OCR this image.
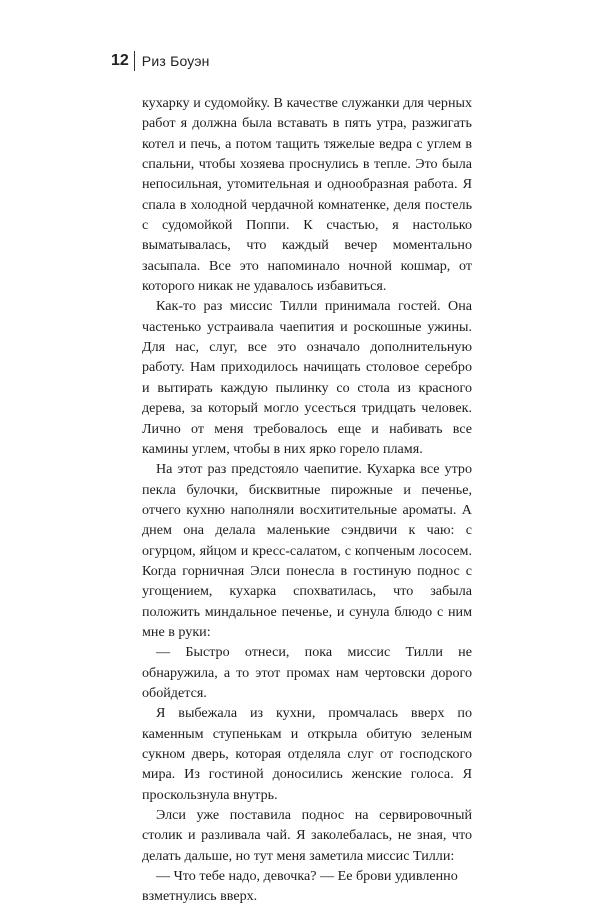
12 Риз Боуэн

кухарку и судомойку. В качестве служанки для черных работ я должна была вставать в пять утра, разжигать котел и печь, а потом тащить тяжелые ведра с углем в спальни, чтобы хозяева проснулись в тепле. Это была непосильная, утомительная и однообразная работа. Я спала в холодной чердачной комнатенке, деля постель с судомойкой Поппи. К счастью, я настолько выматывалась, что каждый вечер моментально засыпала. Все это напоминало ночной кошмар, от которого никак не удавалось избавиться.

Как-то раз миссис Тилли принимала гостей. Она частенько устраивала чаепития и роскошные ужины. Для нас, слуг, все это означало дополнительную работу. Нам приходилось начищать столовое серебро и вытирать каждую пылинку со стола из красного дерева, за который могло усесться тридцать человек. Лично от меня требовалось еще и набивать все камины углем, чтобы в них ярко горело пламя.

На этот раз предстояло чаепитие. Кухарка все утро пекла булочки, бисквитные пирожные и печенье, отчего кухню наполняли восхитительные ароматы. А днем она делала маленькие сэндвичи к чаю: с огурцом, яйцом и кресс-салатом, с копченым лососем. Когда горничная Элси понесла в гостиную поднос с угощением, кухарка спохватилась, что забыла положить миндальное печенье, и сунула блюдо с ним мне в руки:

— Быстро отнеси, пока миссис Тилли не обнаружила, а то этот промах нам чертовски дорого обойдется.

Я выбежала из кухни, промчалась вверх по каменным ступенькам и открыла обитую зеленым сукном дверь, которая отделяла слуг от господского мира. Из гостиной доносились женские голоса. Я проскользнула внутрь.

Элси уже поставила поднос на сервировочный столик и разливала чай. Я заколебалась, не зная, что делать дальше, но тут меня заметила миссис Тилли:

— Что тебе надо, девочка? — Ее брови удивленно взметнулись вверх.
